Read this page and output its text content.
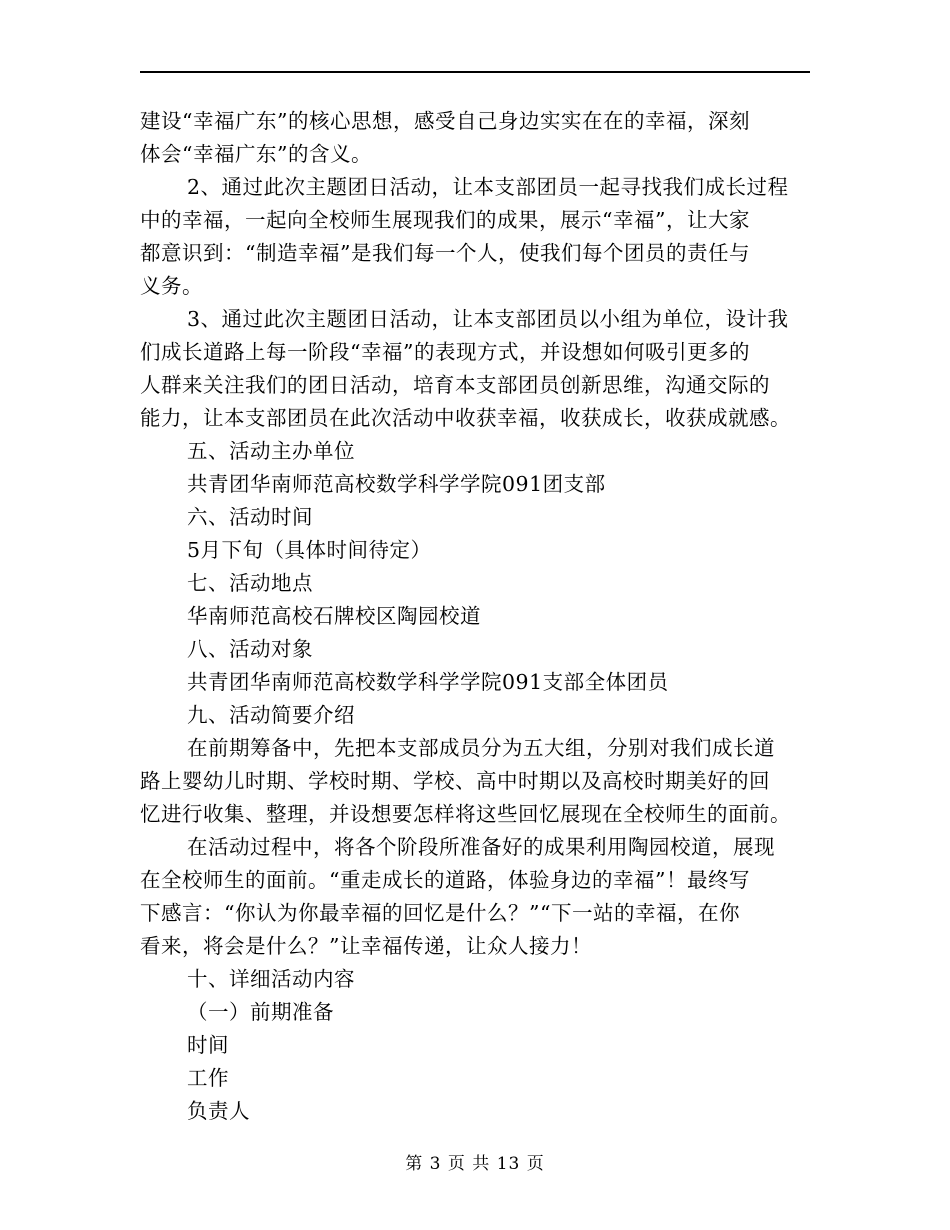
建设“幸福广东”的核心思想，感受自己身边实实在在的幸福，深刻
体会“幸福广东”的含义。
2、通过此次主题团日活动，让本支部团员一起寻找我们成长过程
中的幸福，一起向全校师生展现我们的成果，展示“幸福”，让大家
都意识到：“制造幸福”是我们每一个人，使我们每个团员的责任与
义务。
3、通过此次主题团日活动，让本支部团员以小组为单位，设计我
们成长道路上每一阶段“幸福”的表现方式，并设想如何吸引更多的
人群来关注我们的团日活动，培育本支部团员创新思维，沟通交际的
能力，让本支部团员在此次活动中收获幸福，收获成长，收获成就感。
五、活动主办单位
共青团华南师范高校数学科学学院091团支部
六、活动时间
5月下旬（具体时间待定）
七、活动地点
华南师范高校石牌校区陶园校道
八、活动对象
共青团华南师范高校数学科学学院091支部全体团员
九、活动简要介绍
在前期筹备中，先把本支部成员分为五大组，分别对我们成长道
路上婴幼儿时期、学校时期、学校、高中时期以及高校时期美好的回
忆进行收集、整理，并设想要怎样将这些回忆展现在全校师生的面前。
在活动过程中，将各个阶段所准备好的成果利用陶园校道，展现
在全校师生的面前。“重走成长的道路，体验身边的幸福”！最终写
下感言：“你认为你最幸福的回忆是什么？”“下一站的幸福，在你
看来，将会是什么？”让幸福传递，让众人接力！
十、详细活动内容
（一）前期准备
时间
工作
负责人
第 3 页 共 13 页
